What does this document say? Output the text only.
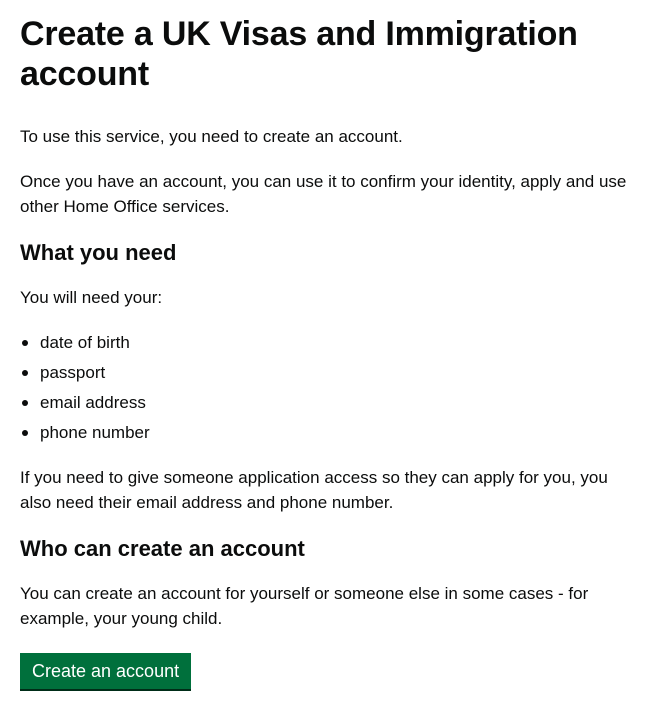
Create a UK Visas and Immigration account

To use this service, you need to create an account.

Once you have an account, you can use it to confirm your identity, apply and use other Home Office services.

What you need

You will need your:

date of birth
passport
email address
phone number

If you need to give someone application access so they can apply for you, you also need their email address and phone number.

Who can create an account

You can create an account for yourself or someone else in some cases - for example, your young child.

Create an account
